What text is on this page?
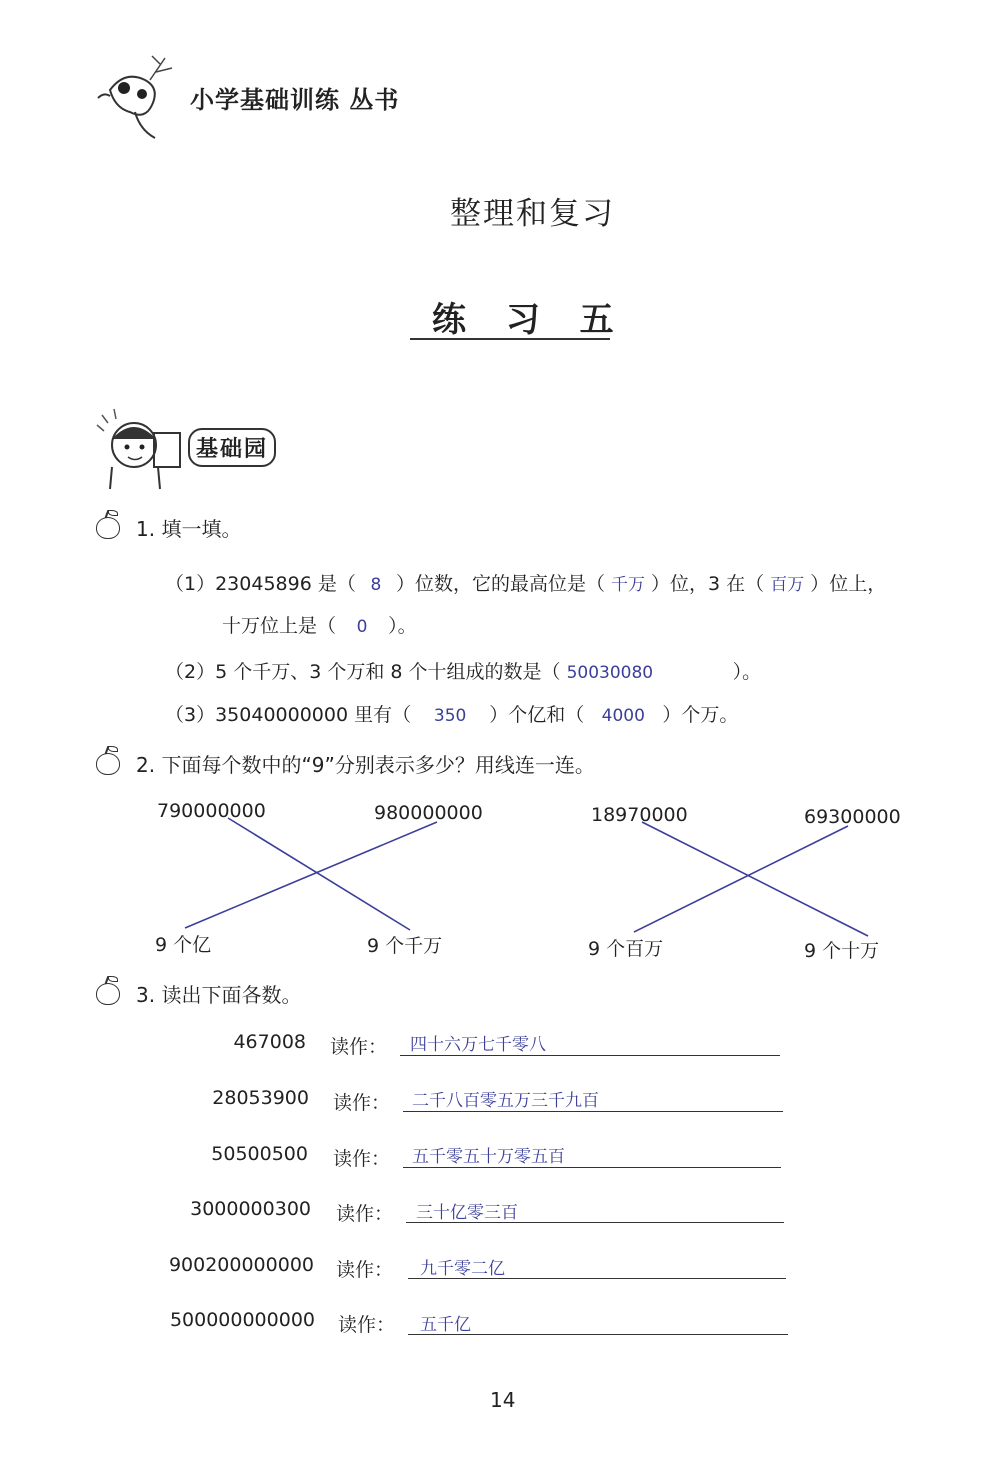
小学基础训练 丛书
整理和复习
练 习 五
基础园
1. 填一填。
（1）23045896 是（ 8 ）位数，它的最高位是（ 千万 ）位，3 在（ 百万 ）位上，
十万位上是（ 0 ）。
（2）5 个千万、3 个万和 8 个十组成的数是（ 50030080	）。
（3）35040000000 里有（ 350 ）个亿和（ 4000 ）个万。
2. 下面每个数中的“9”分别表示多少？用线连一连。
790000000	980000000	18970000	69300000
9 个亿	9 个千万	9 个百万	9 个十万
3. 读出下面各数。
467008 读作： 四十六万七千零八
28053900 读作： 二千八百零五万三千九百
50500500 读作： 五千零五十万零五百
3000000300 读作： 三十亿零三百
900200000000 读作： 九千零二亿
500000000000 读作： 五千亿
14
